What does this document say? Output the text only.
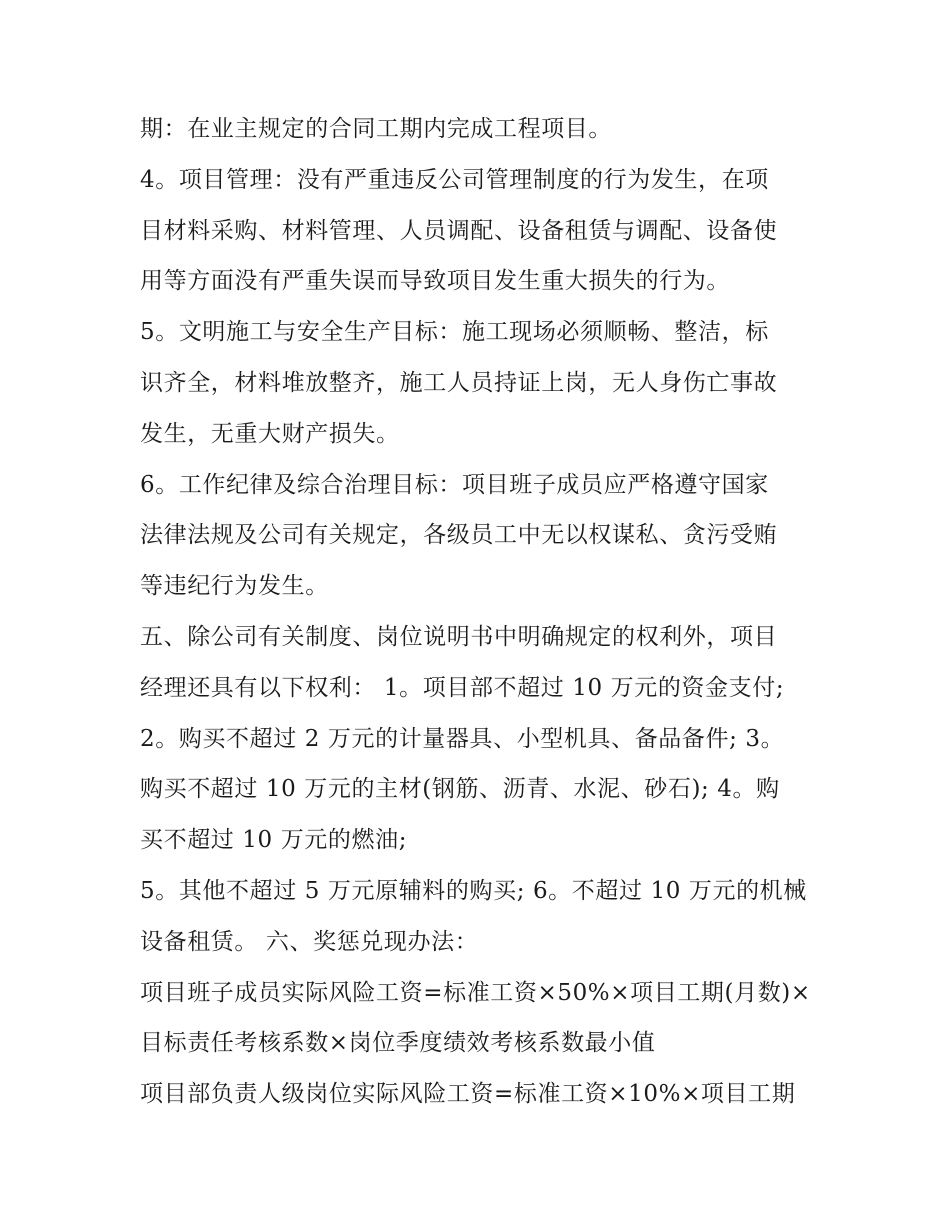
期：在业主规定的合同工期内完成工程项目。
4。项目管理：没有严重违反公司管理制度的行为发生，在项
目材料采购、材料管理、人员调配、设备租赁与调配、设备使
用等方面没有严重失误而导致项目发生重大损失的行为。
5。文明施工与安全生产目标：施工现场必须顺畅、整洁，标
识齐全，材料堆放整齐，施工人员持证上岗，无人身伤亡事故
发生，无重大财产损失。
6。工作纪律及综合治理目标：项目班子成员应严格遵守国家
法律法规及公司有关规定，各级员工中无以权谋私、贪污受贿
等违纪行为发生。
五、除公司有关制度、岗位说明书中明确规定的权利外，项目
经理还具有以下权利： 1。项目部不超过 10 万元的资金支付;
2。购买不超过 2 万元的计量器具、小型机具、备品备件; 3。
购买不超过 10 万元的主材(钢筋、沥青、水泥、砂石); 4。购
买不超过 10 万元的燃油;
5。其他不超过 5 万元原辅料的购买; 6。不超过 10 万元的机械
设备租赁。 六、奖惩兑现办法：
项目班子成员实际风险工资=标准工资×50%×项目工期(月数)×
目标责任考核系数×岗位季度绩效考核系数最小值
项目部负责人级岗位实际风险工资=标准工资×10%×项目工期
